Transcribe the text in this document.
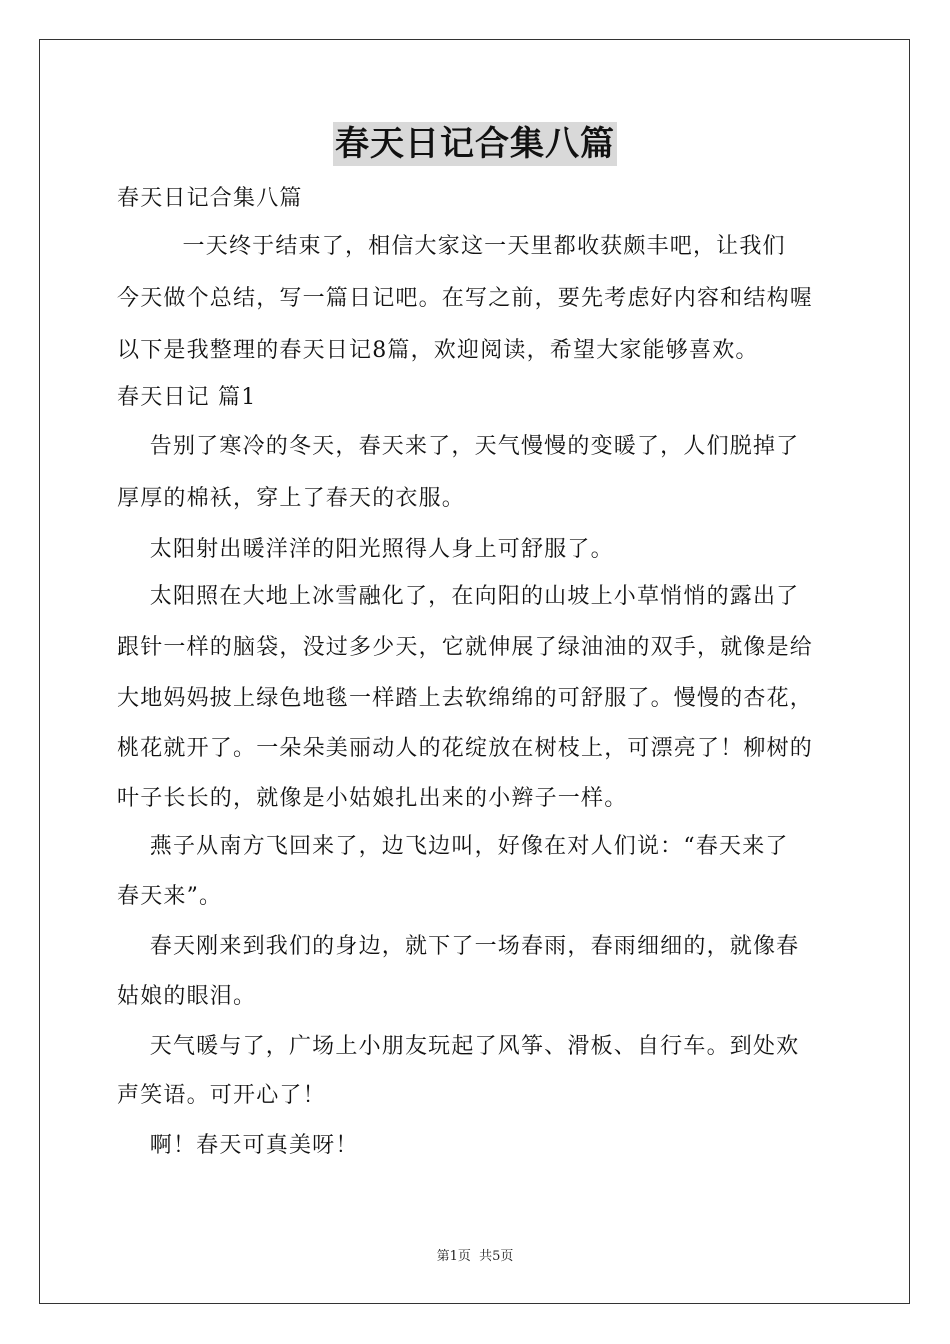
春天日记合集八篇
春天日记合集八篇
一天终于结束了，相信大家这一天里都收获颇丰吧，让我们
今天做个总结，写一篇日记吧。在写之前，要先考虑好内容和结构喔
以下是我整理的春天日记8篇，欢迎阅读，希望大家能够喜欢。
春天日记 篇1
告别了寒冷的冬天，春天来了，天气慢慢的变暖了，人们脱掉了
厚厚的棉袄，穿上了春天的衣服。
太阳射出暖洋洋的阳光照得人身上可舒服了。
太阳照在大地上冰雪融化了，在向阳的山坡上小草悄悄的露出了
跟针一样的脑袋，没过多少天，它就伸展了绿油油的双手，就像是给
大地妈妈披上绿色地毯一样踏上去软绵绵的可舒服了。慢慢的杏花，
桃花就开了。一朵朵美丽动人的花绽放在树枝上，可漂亮了！柳树的
叶子长长的，就像是小姑娘扎出来的小辫子一样。
燕子从南方飞回来了，边飞边叫，好像在对人们说：“春天来了
春天来”。
春天刚来到我们的身边，就下了一场春雨，春雨细细的，就像春
姑娘的眼泪。
天气暖与了，广场上小朋友玩起了风筝、滑板、自行车。到处欢
声笑语。可开心了！
啊！春天可真美呀！
第1页  共5页
